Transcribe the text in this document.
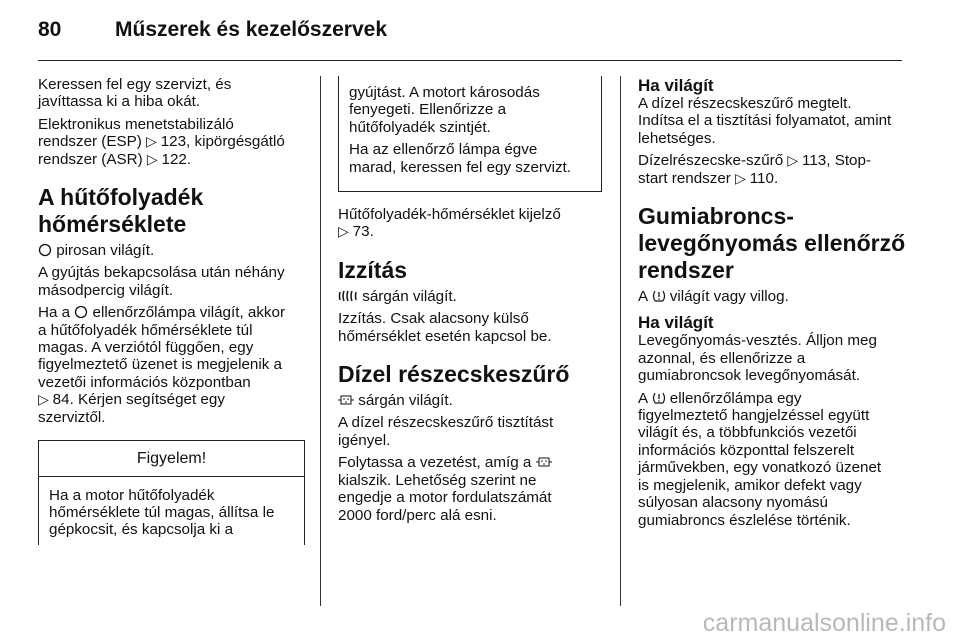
80	Műszerek és kezelőszervek

Keressen fel egy szervizt, és
javíttassa ki a hiba okát.

Elektronikus menetstabilizáló
rendszer (ESP) ▷ 123, kipörgésgátló
rendszer (ASR) ▷ 122.

A hűtőfolyadék
hőmérséklete

pirosan világít.

A gyújtás bekapcsolása után néhány
másodpercig világít.

Ha a  ellenőrzőlámpa világít, akkor
a hűtőfolyadék hőmérséklete túl
magas. A verziótól függően, egy
figyelmeztető üzenet is megjelenik a
vezetői információs központban
▷ 84. Kérjen segítséget egy
szerviztől.

Figyelem!
Ha a motor hűtőfolyadék
hőmérséklete túl magas, állítsa le
gépkocsit, és kapcsolja ki a

gyújtást. A motort károsodás
fenyegeti. Ellenőrizze a
hűtőfolyadék szintjét.

Ha az ellenőrző lámpa égve
marad, keressen fel egy szervizt.

Hűtőfolyadék-hőmérséklet kijelző
▷ 73.

Izzítás

sárgán világít.

Izzítás. Csak alacsony külső
hőmérséklet esetén kapcsol be.

Dízel részecskeszűrő

sárgán világít.

A dízel részecskeszűrő tisztítást
igényel.

Folytassa a vezetést, amíg a
kialszik. Lehetőség szerint ne
engedje a motor fordulatszámát
2000 ford/perc alá esni.

Ha világít

A dízel részecskeszűrő megtelt.
Indítsa el a tisztítási folyamatot, amint
lehetséges.

Dízelrészecske-szűrő ▷ 113, Stop-
start rendszer ▷ 110.

Gumiabroncs-
levegőnyomás ellenőrző
rendszer

A világít vagy villog.

Ha világít

Levegőnyomás-vesztés. Álljon meg
azonnal, és ellenőrizze a
gumiabroncsok levegőnyomását.

A ellenőrzőlámpa egy
figyelmeztető hangjelzéssel együtt
világít és, a többfunkciós vezetői
információs központtal felszerelt
járművekben, egy vonatkozó üzenet
is megjelenik, amikor defekt vagy
súlyosan alacsony nyomású
gumiabroncs észlelése történik.

carmanualsonline.info
